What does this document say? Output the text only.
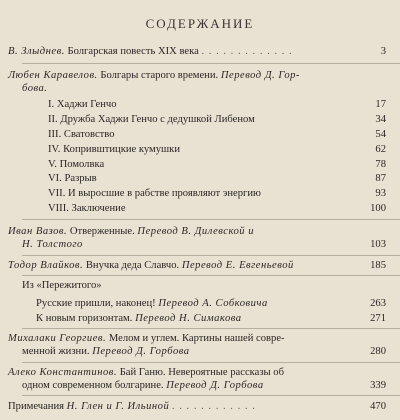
СОДЕРЖАНИЕ
В. Злыднев. Болгарская повесть XIX века . . . . . . . . . . . . .	3
Любен Каравелов. Болгары старого времени. Перевод Д. Гор-
бова.
I. Хаджи Генчо	17
II. Дружба Хаджи Генчо с дедушкой Либеном	34
III. Сватовство	54
IV. Копривштицкие кумушки	62
V. Помолвка	78
VI. Разрыв	87
VII. И выросшие в рабстве проявляют энергию	93
VIII. Заключение	100
Иван Вазов. Отверженные. Перевод В. Дилевской и
Н. Толстого	103
Тодор Влайков. Внучка деда Славчо. Перевод Е. Евгеньевой	185
Из «Пережитого»
Русские пришли, наконец! Перевод А. Собковича	263
К новым горизонтам. Перевод Н. Симакова	271
Михалаки Георгиев. Мелом и углем. Картины нашей совре-
менной жизни. Перевод Д. Горбова	280
Алеко Константинов. Бай Ганю. Невероятные рассказы об
одном современном болгарине. Перевод Д. Горбова	339
Примечания Н. Глен и Г. Ильиной . . . . . . . . . . . .	470
